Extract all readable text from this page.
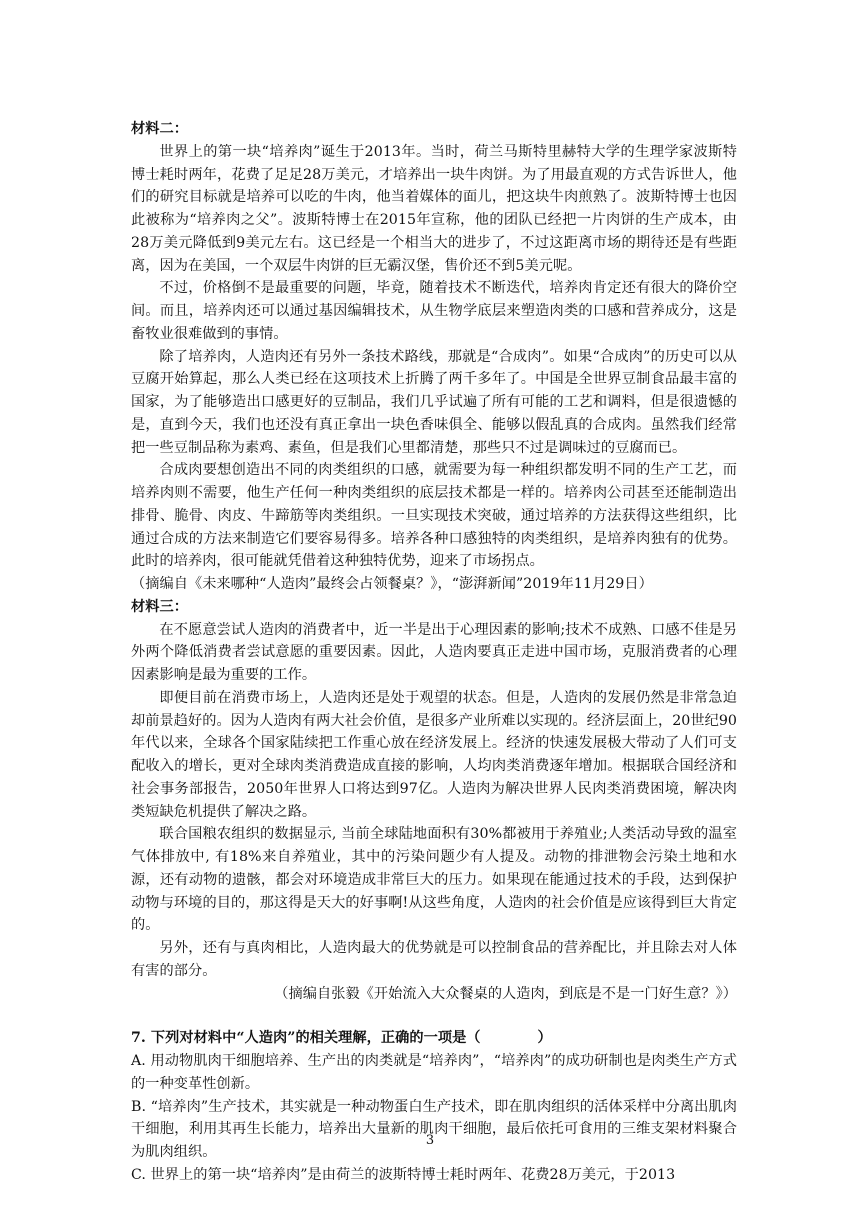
材料二：

世界上的第一块“培养肉”诞生于2013年。当时，荷兰马斯特里赫特大学的生理学家波斯特博士耗时两年，花费了足足28万美元，才培养出一块牛肉饼。为了用最直观的方式告诉世人，他们的研究目标就是培养可以吃的牛肉，他当着媒体的面儿，把这块牛肉煎熟了。波斯特博士也因此被称为“培养肉之父”。波斯特博士在2015年宣称，他的团队已经把一片肉饼的生产成本，由28万美元降低到9美元左右。这已经是一个相当大的进步了，不过这距离市场的期待还是有些距离，因为在美国，一个双层牛肉饼的巨无霸汉堡，售价还不到5美元呢。

不过，价格倒不是最重要的问题，毕竟，随着技术不断迭代，培养肉肯定还有很大的降价空间。而且，培养肉还可以通过基因编辑技术，从生物学底层来塑造肉类的口感和营养成分，这是畜牧业很难做到的事情。

除了培养肉，人造肉还有另外一条技术路线，那就是“合成肉”。如果“合成肉”的历史可以从豆腐开始算起，那么人类已经在这项技术上折腾了两千多年了。中国是全世界豆制食品最丰富的国家，为了能够造出口感更好的豆制品，我们几乎试遍了所有可能的工艺和调料，但是很遗憾的是，直到今天，我们也还没有真正拿出一块色香味俱全、能够以假乱真的合成肉。虽然我们经常把一些豆制品称为素鸡、素鱼，但是我们心里都清楚，那些只不过是调味过的豆腐而已。

合成肉要想创造出不同的肉类组织的口感，就需要为每一种组织都发明不同的生产工艺，而培养肉则不需要，他生产任何一种肉类组织的底层技术都是一样的。培养肉公司甚至还能制造出排骨、脆骨、肉皮、牛蹄筋等肉类组织。一旦实现技术突破，通过培养的方法获得这些组织，比通过合成的方法来制造它们要容易得多。培养各种口感独特的肉类组织，是培养肉独有的优势。此时的培养肉，很可能就凭借着这种独特优势，迎来了市场拐点。

（摘编自《未来哪种“人造肉”最终会占领餐桌？》，“澎湃新闻”2019年11月29日）

材料三：

在不愿意尝试人造肉的消费者中，近一半是出于心理因素的影响;技术不成熟、口感不佳是另外两个降低消费者尝试意愿的重要因素。因此，人造肉要真正走进中国市场，克服消费者的心理因素影响是最为重要的工作。

即便目前在消费市场上，人造肉还是处于观望的状态。但是，人造肉的发展仍然是非常急迫却前景趋好的。因为人造肉有两大社会价值，是很多产业所难以实现的。经济层面上，20世纪90年代以来，全球各个国家陆续把工作重心放在经济发展上。经济的快速发展极大带动了人们可支配收入的增长，更对全球肉类消费造成直接的影响，人均肉类消费逐年增加。根据联合国经济和社会事务部报告，2050年世界人口将达到97亿。人造肉为解决世界人民肉类消费困境，解决肉类短缺危机提供了解决之路。

联合国粮农组织的数据显示, 当前全球陆地面积有30%都被用于养殖业;人类活动导致的温室气体排放中, 有18%来自养殖业，其中的污染问题少有人提及。动物的排泄物会污染土地和水源，还有动物的遗骸，都会对环境造成非常巨大的压力。如果现在能通过技术的手段，达到保护动物与环境的目的，那这得是天大的好事啊!从这些角度，人造肉的社会价值是应该得到巨大肯定的。

另外，还有与真肉相比，人造肉最大的优势就是可以控制食品的营养配比，并且除去对人体有害的部分。

（摘编自张毅《开始流入大众餐桌的人造肉，到底是不是一门好生意？》）

7. 下列对材料中“人造肉”的相关理解，正确的一项是（　　　　）

A. 用动物肌肉干细胞培养、生产出的肉类就是“培养肉”，“培养肉”的成功研制也是肉类生产方式的一种变革性创新。

B. “培养肉”生产技术，其实就是一种动物蛋白生产技术，即在肌肉组织的活体采样中分离出肌肉干细胞，利用其再生长能力，培养出大量新的肌肉干细胞，最后依托可食用的三维支架材料聚合为肌肉组织。

C. 世界上的第一块“培养肉”是由荷兰的波斯特博士耗时两年、花费28万美元，于2013

3
